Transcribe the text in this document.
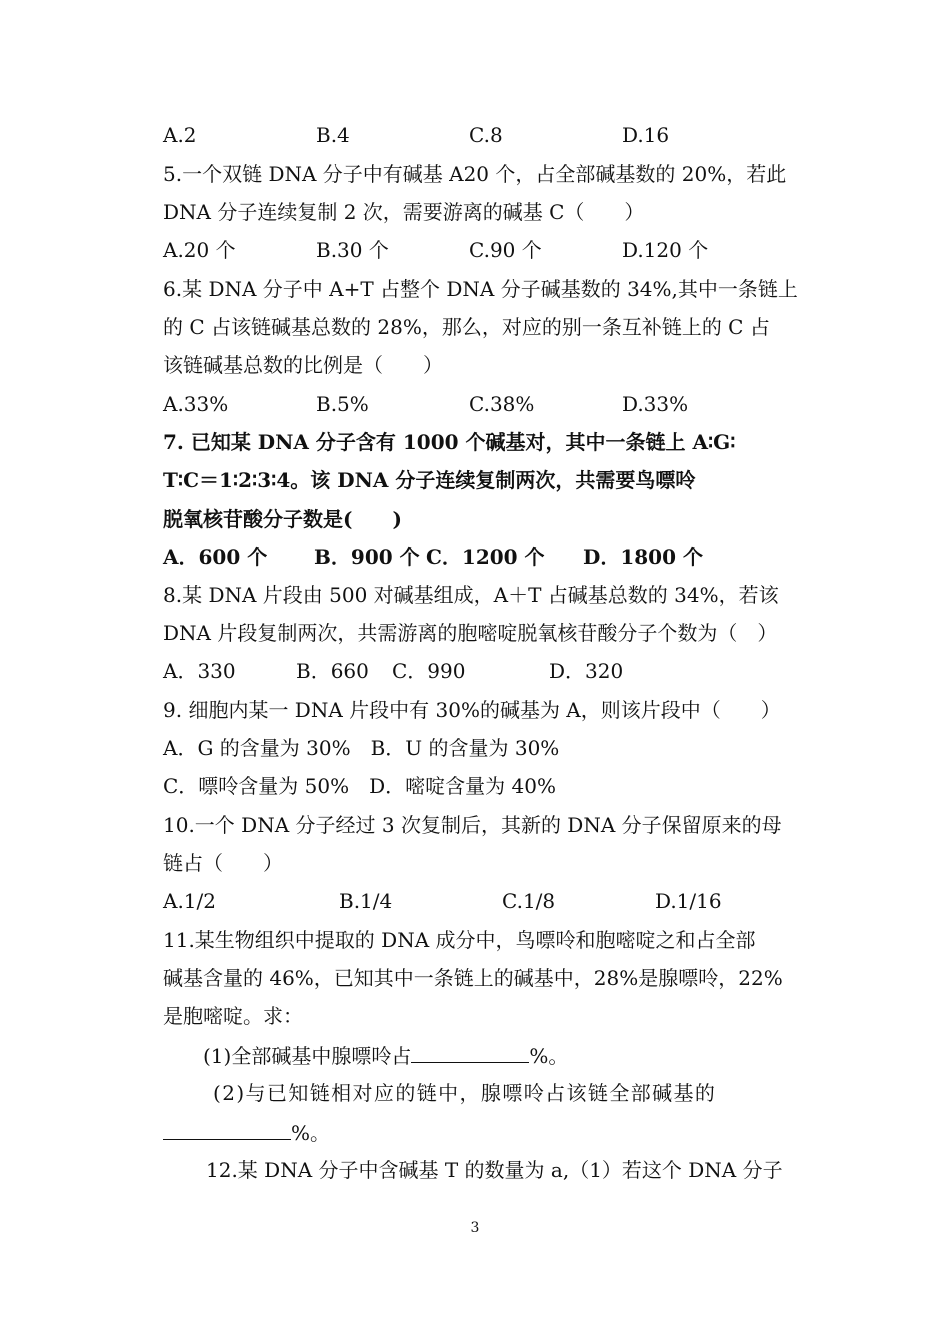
A.2	B.4	C.8	D.16
5.一个双链 DNA 分子中有碱基 A20 个，占全部碱基数的 20%，若此
DNA 分子连续复制 2 次，需要游离的碱基 C（　　）
A.20 个	B.30 个	C.90 个	D.120 个
6.某 DNA 分子中 A+T 占整个 DNA 分子碱基数的 34%,其中一条链上
的 C 占该链碱基总数的 28%，那么，对应的别一条互补链上的 C 占
该链碱基总数的比例是（　　）
A.33%	B.5%	C.38%	D.33%
7. 已知某 DNA 分子含有 1000 个碱基对，其中一条链上 A∶G∶
T∶C＝1∶2∶3∶4。该 DNA 分子连续复制两次，共需要鸟嘌呤
脱氧核苷酸分子数是(　　)
A．600 个 B．900 个 C．1200 个 D．1800 个
8.某 DNA 片段由 500 对碱基组成，A＋T 占碱基总数的 34%，若该
DNA 片段复制两次，共需游离的胞嘧啶脱氧核苷酸分子个数为（　）
A．330	B．660 C．990	D．320
9. 细胞内某一 DNA 片段中有 30%的碱基为 A，则该片段中（　　）
A．G 的含量为 30%　B．U 的含量为 30%
C．嘌呤含量为 50%　D．嘧啶含量为 40%
10.一个 DNA 分子经过 3 次复制后，其新的 DNA 分子保留原来的母
链占（　　）
A.1/2	B.1/4	C.1/8	D.1/16
11.某生物组织中提取的 DNA 成分中，鸟嘌呤和胞嘧啶之和占全部
碱基含量的 46%，已知其中一条链上的碱基中，28%是腺嘌呤，22%
是胞嘧啶。求：
(1)全部碱基中腺嘌呤占	%。
(2)与已知链相对应的链中，腺嘌呤占该链全部碱基的
%。
12.某 DNA 分子中含碱基 T 的数量为 a,（1）若这个 DNA 分子
3
